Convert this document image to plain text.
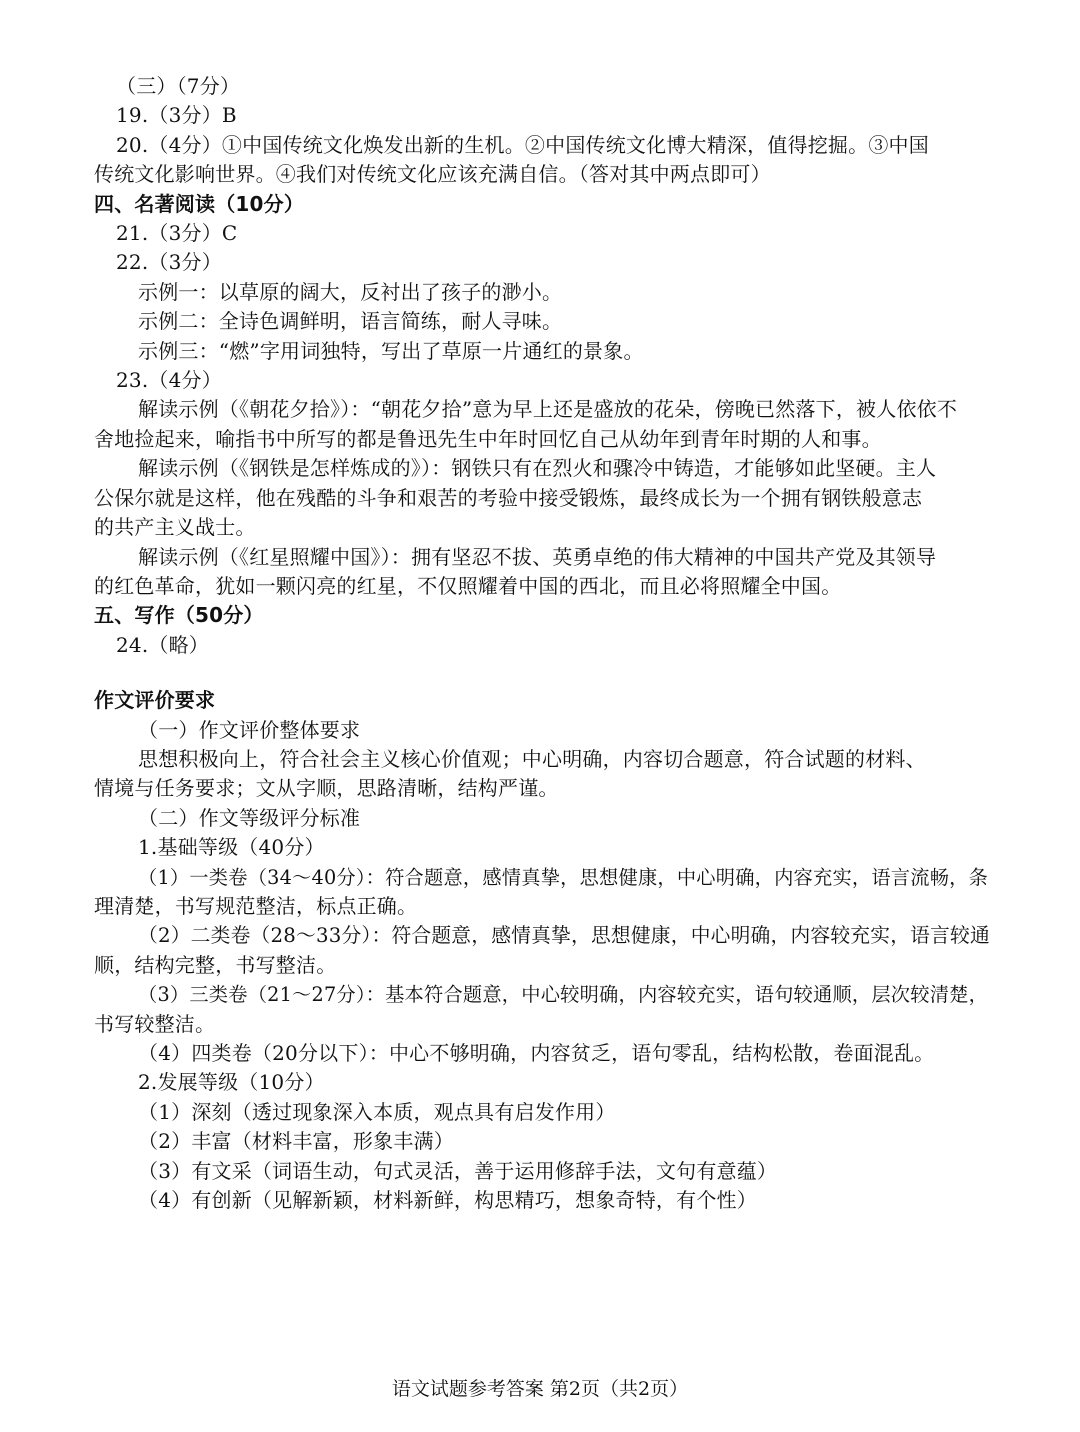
（三）（7分）

19.（3分）B

20.（4分）①中国传统文化焕发出新的生机。②中国传统文化博大精深，值得挖掘。③中国

传统文化影响世界。④我们对传统文化应该充满自信。（答对其中两点即可）

四、名著阅读（10分）

21.（3分）C

22.（3分）

示例一：以草原的阔大，反衬出了孩子的渺小。

示例二：全诗色调鲜明，语言简练，耐人寻味。

示例三：“燃”字用词独特，写出了草原一片通红的景象。

23.（4分）

解读示例（《朝花夕拾》）：“朝花夕拾”意为早上还是盛放的花朵，傍晚已然落下，被人依依不

舍地捡起来，喻指书中所写的都是鲁迅先生中年时回忆自己从幼年到青年时期的人和事。

解读示例（《钢铁是怎样炼成的》）：钢铁只有在烈火和骤冷中铸造，才能够如此坚硬。主人

公保尔就是这样，他在残酷的斗争和艰苦的考验中接受锻炼，最终成长为一个拥有钢铁般意志

的共产主义战士。

解读示例（《红星照耀中国》）：拥有坚忍不拔、英勇卓绝的伟大精神的中国共产党及其领导

的红色革命，犹如一颗闪亮的红星，不仅照耀着中国的西北，而且必将照耀全中国。

五、写作（50分）

24.（略）

作文评价要求

（一）作文评价整体要求

思想积极向上，符合社会主义核心价值观；中心明确，内容切合题意，符合试题的材料、

情境与任务要求；文从字顺，思路清晰，结构严谨。

（二）作文等级评分标准

1.基础等级（40分）

（1）一类卷（34～40分）：符合题意，感情真挚，思想健康，中心明确，内容充实，语言流畅，条

理清楚，书写规范整洁，标点正确。

（2）二类卷（28～33分）：符合题意，感情真挚，思想健康，中心明确，内容较充实，语言较通

顺，结构完整，书写整洁。

（3）三类卷（21～27分）：基本符合题意，中心较明确，内容较充实，语句较通顺，层次较清楚，

书写较整洁。

（4）四类卷（20分以下）：中心不够明确，内容贫乏，语句零乱，结构松散，卷面混乱。

2.发展等级（10分）

（1）深刻（透过现象深入本质，观点具有启发作用）

（2）丰富（材料丰富，形象丰满）

（3）有文采（词语生动，句式灵活，善于运用修辞手法，文句有意蕴）

（4）有创新（见解新颖，材料新鲜，构思精巧，想象奇特，有个性）

语文试题参考答案 第2页（共2页）
